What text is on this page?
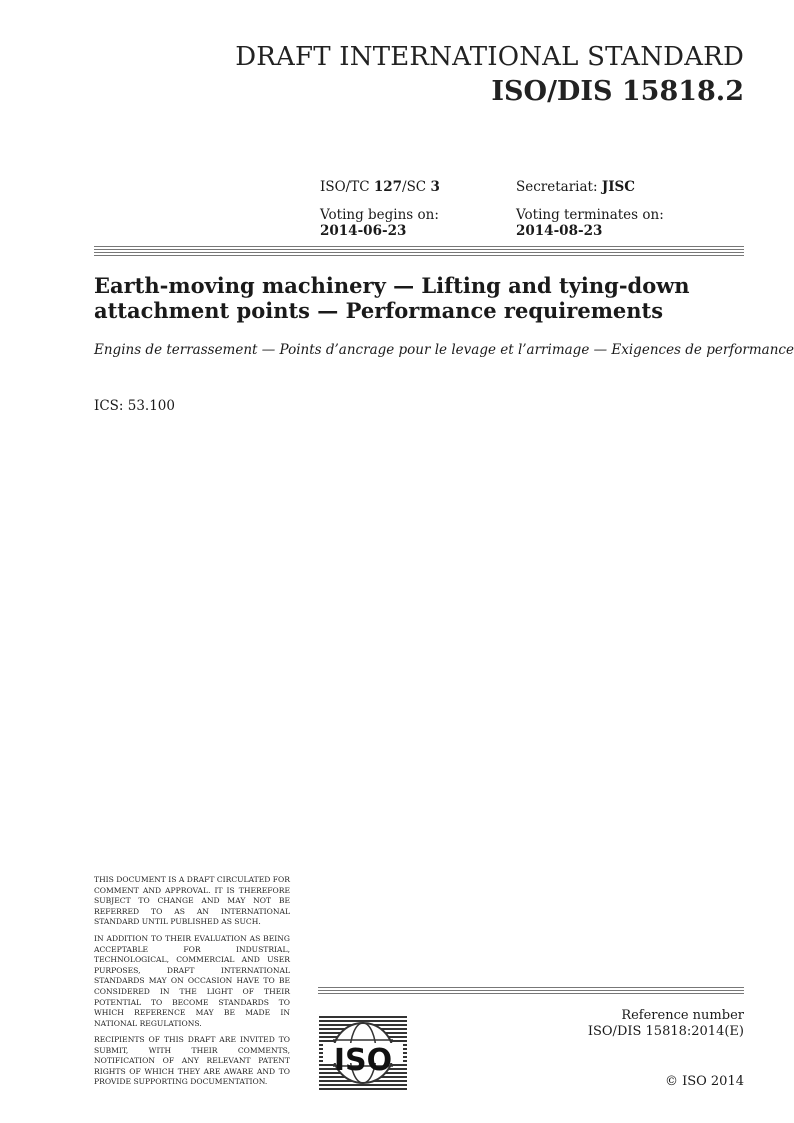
DRAFT INTERNATIONAL STANDARD
ISO/DIS 15818.2
ISO/TC 127/SC 3	Secretariat: JISC
Voting begins on:
2014-06-23
Voting terminates on:
2014-08-23
Earth-moving machinery — Lifting and tying-down attachment points — Performance requirements
Engins de terrassement — Points d’ancrage pour le levage et l’arrimage — Exigences de performance
ICS: 53.100
THIS DOCUMENT IS A DRAFT CIRCULATED FOR COMMENT AND APPROVAL. IT IS THEREFORE SUBJECT TO CHANGE AND MAY NOT BE REFERRED TO AS AN INTERNATIONAL STANDARD UNTIL PUBLISHED AS SUCH.
IN ADDITION TO THEIR EVALUATION AS BEING ACCEPTABLE FOR INDUSTRIAL, TECHNOLOGICAL, COMMERCIAL AND USER PURPOSES, DRAFT INTERNATIONAL STANDARDS MAY ON OCCASION HAVE TO BE CONSIDERED IN THE LIGHT OF THEIR POTENTIAL TO BECOME STANDARDS TO WHICH REFERENCE MAY BE MADE IN NATIONAL REGULATIONS.
RECIPIENTS OF THIS DRAFT ARE INVITED TO SUBMIT, WITH THEIR COMMENTS, NOTIFICATION OF ANY RELEVANT PATENT RIGHTS OF WHICH THEY ARE AWARE AND TO PROVIDE SUPPORTING DOCUMENTATION.
Reference number
ISO/DIS 15818:2014(E)
ISO
© ISO 2014
